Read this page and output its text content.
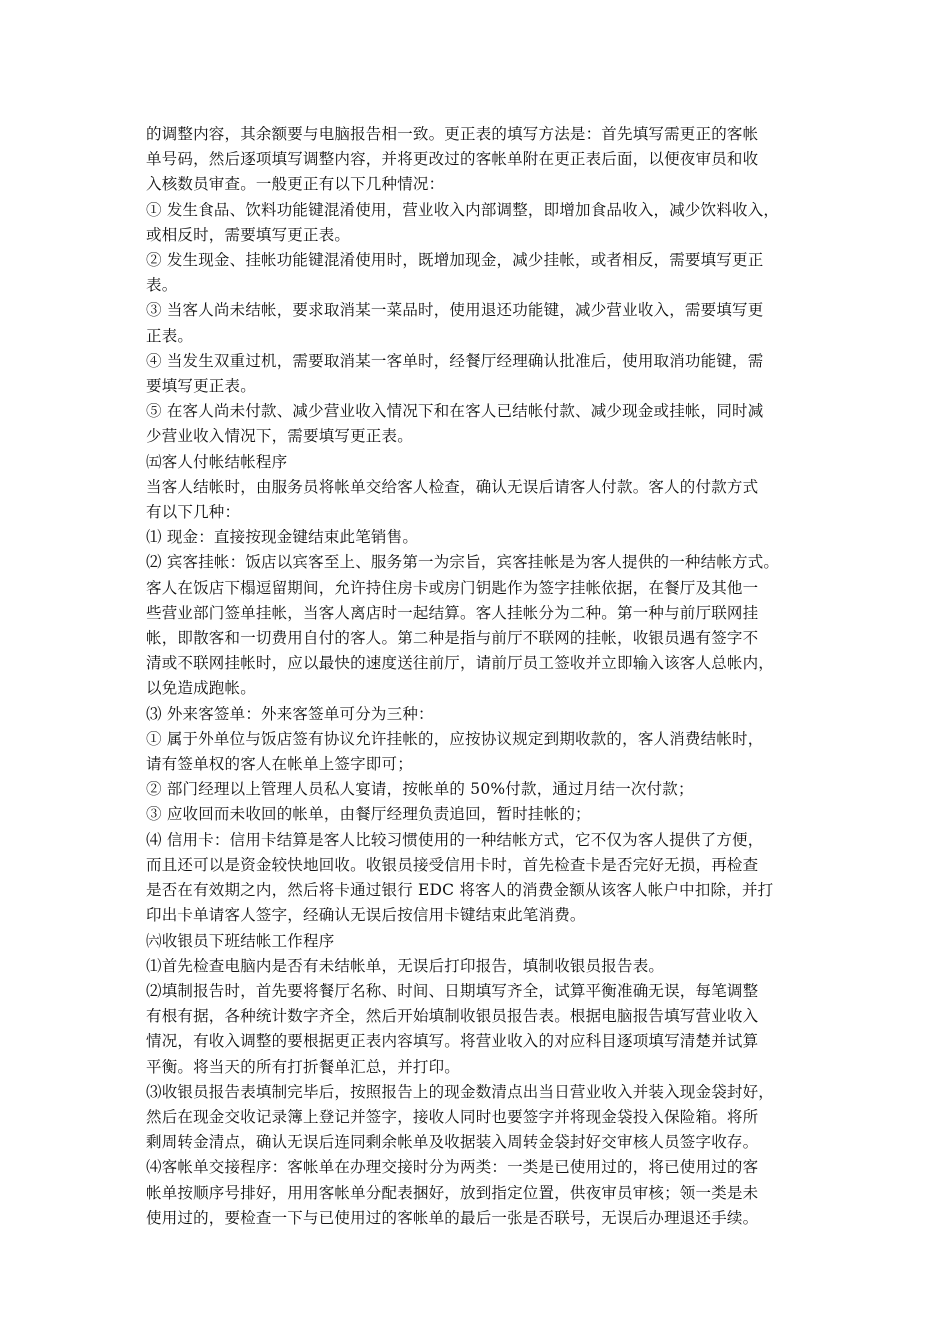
的调整内容，其余额要与电脑报告相一致。更正表的填写方法是：首先填写需更正的客帐
单号码，然后逐项填写调整内容，并将更改过的客帐单附在更正表后面，以便夜审员和收
入核数员审查。一般更正有以下几种情况：
① 发生食品、饮料功能键混淆使用，营业收入内部调整，即增加食品收入，减少饮料收入，
或相反时，需要填写更正表。
② 发生现金、挂帐功能键混淆使用时，既增加现金，减少挂帐，或者相反，需要填写更正
表。
③ 当客人尚未结帐，要求取消某一菜品时，使用退还功能键，减少营业收入，需要填写更
正表。
④ 当发生双重过机，需要取消某一客单时，经餐厅经理确认批准后，使用取消功能键，需
要填写更正表。
⑤ 在客人尚未付款、减少营业收入情况下和在客人已结帐付款、减少现金或挂帐，同时减
少营业收入情况下，需要填写更正表。
㈤客人付帐结帐程序
当客人结帐时，由服务员将帐单交给客人检查，确认无误后请客人付款。客人的付款方式
有以下几种：
⑴ 现金：直接按现金键结束此笔销售。
⑵ 宾客挂帐：饭店以宾客至上、服务第一为宗旨，宾客挂帐是为客人提供的一种结帐方式。
客人在饭店下榻逗留期间，允许持住房卡或房门钥匙作为签字挂帐依据，在餐厅及其他一
些营业部门签单挂帐，当客人离店时一起结算。客人挂帐分为二种。第一种与前厅联网挂
帐，即散客和一切费用自付的客人。第二种是指与前厅不联网的挂帐，收银员遇有签字不
清或不联网挂帐时，应以最快的速度送往前厅，请前厅员工签收并立即输入该客人总帐内，
以免造成跑帐。
⑶ 外来客签单：外来客签单可分为三种：
① 属于外单位与饭店签有协议允许挂帐的，应按协议规定到期收款的，客人消费结帐时，
请有签单权的客人在帐单上签字即可；
② 部门经理以上管理人员私人宴请，按帐单的 50%付款，通过月结一次付款；
③ 应收回而未收回的帐单，由餐厅经理负责追回，暂时挂帐的；
⑷ 信用卡：信用卡结算是客人比较习惯使用的一种结帐方式，它不仅为客人提供了方便，
而且还可以是资金较快地回收。收银员接受信用卡时，首先检查卡是否完好无损，再检查
是否在有效期之内，然后将卡通过银行 EDC 将客人的消费金额从该客人帐户中扣除，并打
印出卡单请客人签字，经确认无误后按信用卡键结束此笔消费。
㈥收银员下班结帐工作程序
⑴首先检查电脑内是否有未结帐单，无误后打印报告，填制收银员报告表。
⑵填制报告时，首先要将餐厅名称、时间、日期填写齐全，试算平衡准确无误，每笔调整
有根有据，各种统计数字齐全，然后开始填制收银员报告表。根据电脑报告填写营业收入
情况，有收入调整的要根据更正表内容填写。将营业收入的对应科目逐项填写清楚并试算
平衡。将当天的所有打折餐单汇总，并打印。
⑶收银员报告表填制完毕后，按照报告上的现金数清点出当日营业收入并装入现金袋封好，
然后在现金交收记录簿上登记并签字，接收人同时也要签字并将现金袋投入保险箱。将所
剩周转金清点，确认无误后连同剩余帐单及收据装入周转金袋封好交审核人员签字收存。
⑷客帐单交接程序：客帐单在办理交接时分为两类：一类是已使用过的，将已使用过的客
帐单按顺序号排好，用用客帐单分配表捆好，放到指定位置，供夜审员审核；领一类是未
使用过的，要检查一下与已使用过的客帐单的最后一张是否联号，无误后办理退还手续。
